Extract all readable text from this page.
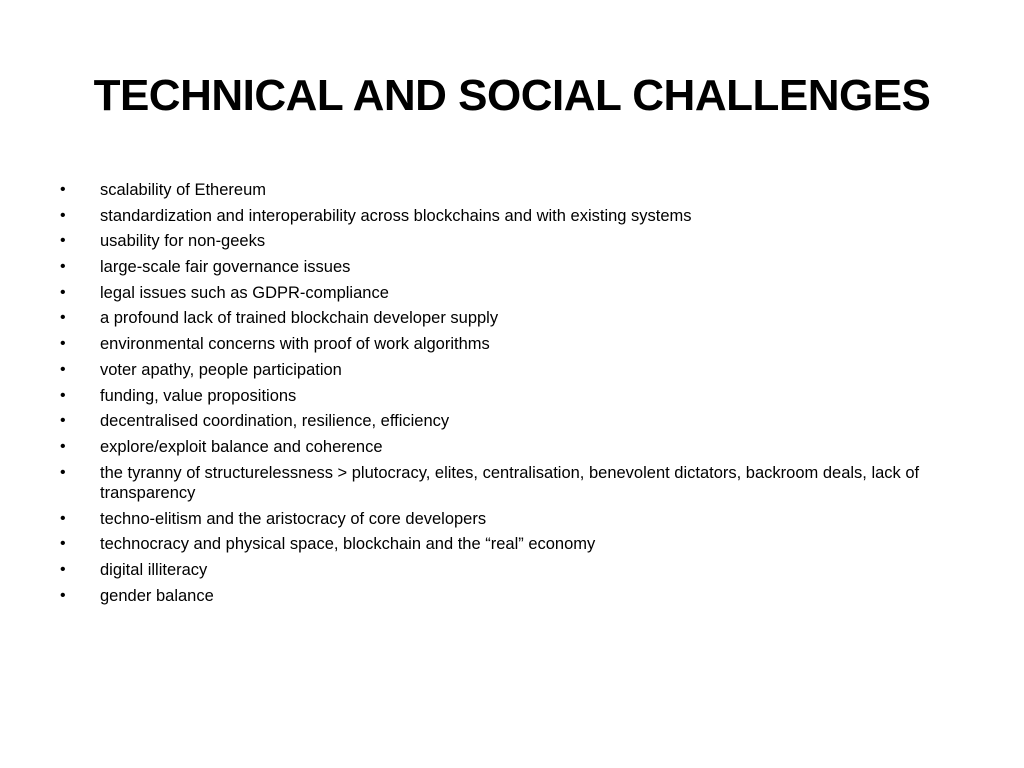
TECHNICAL AND SOCIAL CHALLENGES
•	scalability of Ethereum
•	standardization and interoperability across blockchains and with existing systems
•	usability for non-geeks
•	large-scale fair governance issues
•	legal issues such as GDPR-compliance
•	a profound lack of trained blockchain developer supply
•	environmental concerns with proof of work algorithms
•	voter apathy, people participation
•	funding, value propositions
•	decentralised coordination, resilience, efficiency
•	explore/exploit balance and coherence
•	the tyranny of structurelessness > plutocracy, elites, centralisation, benevolent dictators, backroom deals, lack of transparency
•	techno-elitism and the aristocracy of core developers
•	technocracy and physical space, blockchain and the “real” economy
•	digital illiteracy
•	gender balance
